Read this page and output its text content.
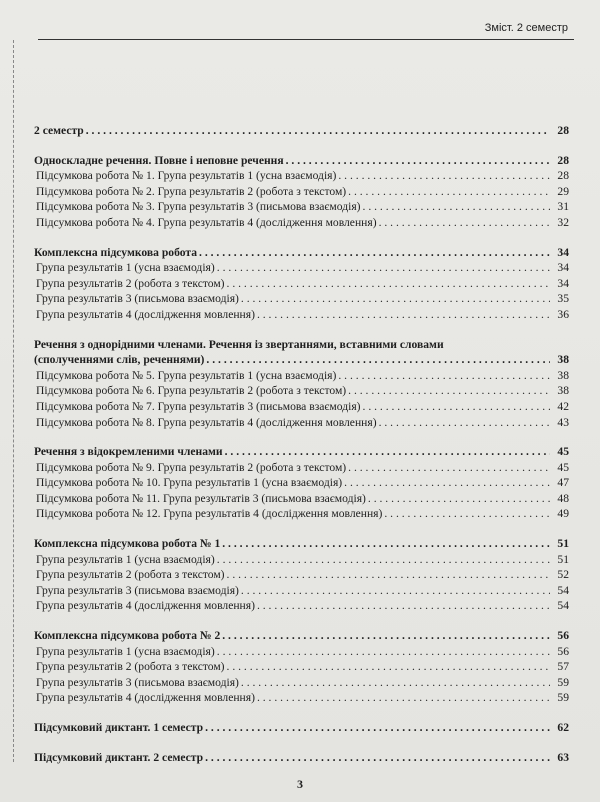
Зміст. 2 семестр
2 семестр . . .	28
Односкладне речення. Повне і неповне речення . . .	28
Підсумкова робота № 1. Група результатів 1 (усна взаємодія) . . .	28
Підсумкова робота № 2. Група результатів 2 (робота з текстом) . . .	29
Підсумкова робота № 3. Група результатів 3 (письмова взаємодія) . . .	31
Підсумкова робота № 4. Група результатів 4 (дослідження мовлення) . . .	32
Комплексна підсумкова робота . . .	34
Група результатів 1 (усна взаємодія) . . .	34
Група результатів 2 (робота з текстом) . . .	34
Група результатів 3 (письмова взаємодія) . . .	35
Група результатів 4 (дослідження мовлення) . . .	36
Речення з однорідними членами. Речення із звертаннями, вставними словами
(сполученнями слів, реченнями) . . .	38
Підсумкова робота № 5. Група результатів 1 (усна взаємодія) . . .	38
Підсумкова робота № 6. Група результатів 2 (робота з текстом) . . .	38
Підсумкова робота № 7. Група результатів 3 (письмова взаємодія) . . .	42
Підсумкова робота № 8. Група результатів 4 (дослідження мовлення) . . .	43
Речення з відокремленими членами . . .	45
Підсумкова робота № 9. Група результатів 2 (робота з текстом) . . .	45
Підсумкова робота № 10. Група результатів 1 (усна взаємодія) . . .	47
Підсумкова робота № 11. Група результатів 3 (письмова взаємодія) . . .	48
Підсумкова робота № 12. Група результатів 4 (дослідження мовлення) . . .	49
Комплексна підсумкова робота № 1 . . .	51
Група результатів 1 (усна взаємодія) . . .	51
Група результатів 2 (робота з текстом) . . .	52
Група результатів 3 (письмова взаємодія) . . .	54
Група результатів 4 (дослідження мовлення) . . .	54
Комплексна підсумкова робота № 2 . . .	56
Група результатів 1 (усна взаємодія) . . .	56
Група результатів 2 (робота з текстом) . . .	57
Група результатів 3 (письмова взаємодія) . . .	59
Група результатів 4 (дослідження мовлення) . . .	59
Підсумковий диктант. 1 семестр . . .	62
Підсумковий диктант. 2 семестр . . .	63
3
